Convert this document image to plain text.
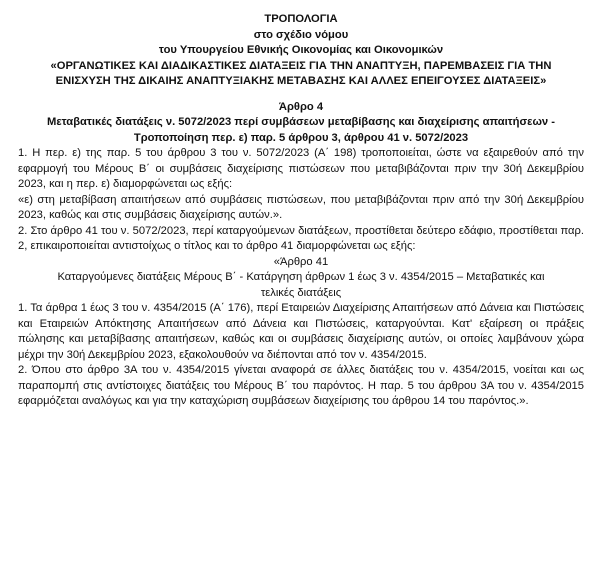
ΤΡΟΠΟΛΟΓΙΑ
στο σχέδιο νόμου
του Υπουργείου Εθνικής Οικονομίας και Οικονομικών
«ΟΡΓΑΝΩΤΙΚΕΣ ΚΑΙ ΔΙΑΔΙΚΑΣΤΙΚΕΣ ΔΙΑΤΑΞΕΙΣ ΓΙΑ ΤΗΝ ΑΝΑΠΤΥΞΗ, ΠΑΡΕΜΒΑΣΕΙΣ ΓΙΑ ΤΗΝ
ΕΝΙΣΧΥΣΗ ΤΗΣ ΔΙΚΑΙΗΣ ΑΝΑΠΤΥΞΙΑΚΗΣ ΜΕΤΑΒΑΣΗΣ ΚΑΙ ΑΛΛΕΣ ΕΠΕΙΓΟΥΣΕΣ ΔΙΑΤΑΞΕΙΣ»
Άρθρο 4
Μεταβατικές διατάξεις ν. 5072/2023 περί συμβάσεων μεταβίβασης και διαχείρισης απαιτήσεων -
Τροποποίηση περ. ε) παρ. 5 άρθρου 3, άρθρου 41 ν. 5072/2023

1. Η περ. ε) της παρ. 5 του άρθρου 3 του ν. 5072/2023 (Α΄ 198) τροποποιείται, ώστε να εξαιρεθούν από την εφαρμογή του Μέρους Β΄ οι συμβάσεις διαχείρισης πιστώσεων που μεταβιβάζονται πριν την 30ή Δεκεμβρίου 2023, και η περ. ε) διαμορφώνεται ως εξής:

«ε) στη μεταβίβαση απαιτήσεων από συμβάσεις πιστώσεων, που μεταβιβάζονται πριν από την 30ή Δεκεμβρίου 2023, καθώς και στις συμβάσεις διαχείρισης αυτών.».

2. Στο άρθρο 41 του ν. 5072/2023, περί καταργούμενων διατάξεων, προστίθεται δεύτερο εδάφιο, προστίθεται παρ. 2, επικαιροποιείται αντιστοίχως ο τίτλος και το άρθρο 41 διαμορφώνεται ως εξής:

«Άρθρο 41

Καταργούμενες διατάξεις Μέρους Β΄ - Κατάργηση άρθρων 1 έως 3 ν. 4354/2015 – Μεταβατικές και

τελικές διατάξεις

1. Τα άρθρα 1 έως 3 του ν. 4354/2015 (Α΄ 176), περί Εταιρειών Διαχείρισης Απαιτήσεων από Δάνεια και Πιστώσεις και Εταιρειών Απόκτησης Απαιτήσεων από Δάνεια και Πιστώσεις, καταργούνται. Κατ' εξαίρεση οι πράξεις πώλησης και μεταβίβασης απαιτήσεων, καθώς και οι συμβάσεις διαχείρισης αυτών, οι οποίες λαμβάνουν χώρα μέχρι την 30ή Δεκεμβρίου 2023, εξακολουθούν να διέπονται από τον ν. 4354/2015.

2. Όπου στο άρθρο 3Α του ν. 4354/2015 γίνεται αναφορά σε άλλες διατάξεις του ν. 4354/2015, νοείται και ως παραπομπή στις αντίστοιχες διατάξεις του Μέρους Β΄ του παρόντος. Η παρ. 5 του άρθρου 3Α του ν. 4354/2015 εφαρμόζεται αναλόγως και για την καταχώριση συμβάσεων διαχείρισης του άρθρου 14 του παρόντος.».
